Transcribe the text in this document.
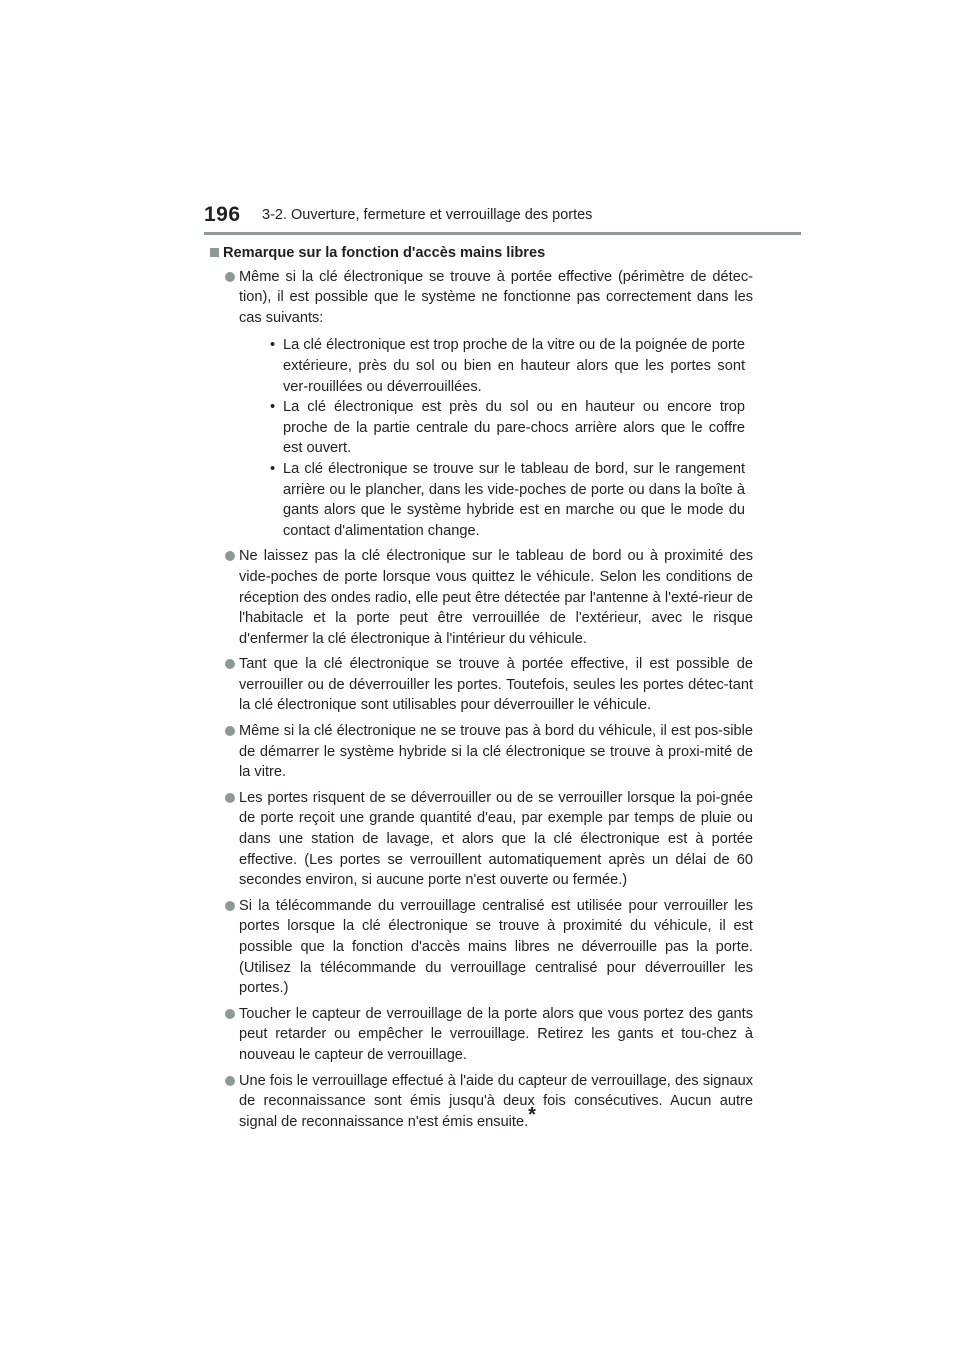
196 3-2. Ouverture, fermeture et verrouillage des portes
Remarque sur la fonction d'accès mains libres
Même si la clé électronique se trouve à portée effective (périmètre de détec-tion), il est possible que le système ne fonctionne pas correctement dans les cas suivants:
• La clé électronique est trop proche de la vitre ou de la poignée de porte extérieure, près du sol ou bien en hauteur alors que les portes sont ver-rouillées ou déverrouillées.
• La clé électronique est près du sol ou en hauteur ou encore trop proche de la partie centrale du pare-chocs arrière alors que le coffre est ouvert.
• La clé électronique se trouve sur le tableau de bord, sur le rangement arrière ou le plancher, dans les vide-poches de porte ou dans la boîte à gants alors que le système hybride est en marche ou que le mode du contact d'alimentation change.
Ne laissez pas la clé électronique sur le tableau de bord ou à proximité des vide-poches de porte lorsque vous quittez le véhicule. Selon les conditions de réception des ondes radio, elle peut être détectée par l'antenne à l'exté-rieur de l'habitacle et la porte peut être verrouillée de l'extérieur, avec le risque d'enfermer la clé électronique à l'intérieur du véhicule.
Tant que la clé électronique se trouve à portée effective, il est possible de verrouiller ou de déverrouiller les portes. Toutefois, seules les portes détec-tant la clé électronique sont utilisables pour déverrouiller le véhicule.
Même si la clé électronique ne se trouve pas à bord du véhicule, il est pos-sible de démarrer le système hybride si la clé électronique se trouve à proxi-mité de la vitre.
Les portes risquent de se déverrouiller ou de se verrouiller lorsque la poi-gnée de porte reçoit une grande quantité d'eau, par exemple par temps de pluie ou dans une station de lavage, et alors que la clé électronique est à portée effective. (Les portes se verrouillent automatiquement après un délai de 60 secondes environ, si aucune porte n'est ouverte ou fermée.)
Si la télécommande du verrouillage centralisé est utilisée pour verrouiller les portes lorsque la clé électronique se trouve à proximité du véhicule, il est possible que la fonction d'accès mains libres ne déverrouille pas la porte. (Utilisez la télécommande du verrouillage centralisé pour déverrouiller les portes.)
Toucher le capteur de verrouillage de la porte alors que vous portez des gants peut retarder ou empêcher le verrouillage. Retirez les gants et tou-chez à nouveau le capteur de verrouillage.
Une fois le verrouillage effectué à l'aide du capteur de verrouillage, des signaux de reconnaissance sont émis jusqu'à deux fois consécutives. Aucun autre signal de reconnaissance n'est émis ensuite.*
